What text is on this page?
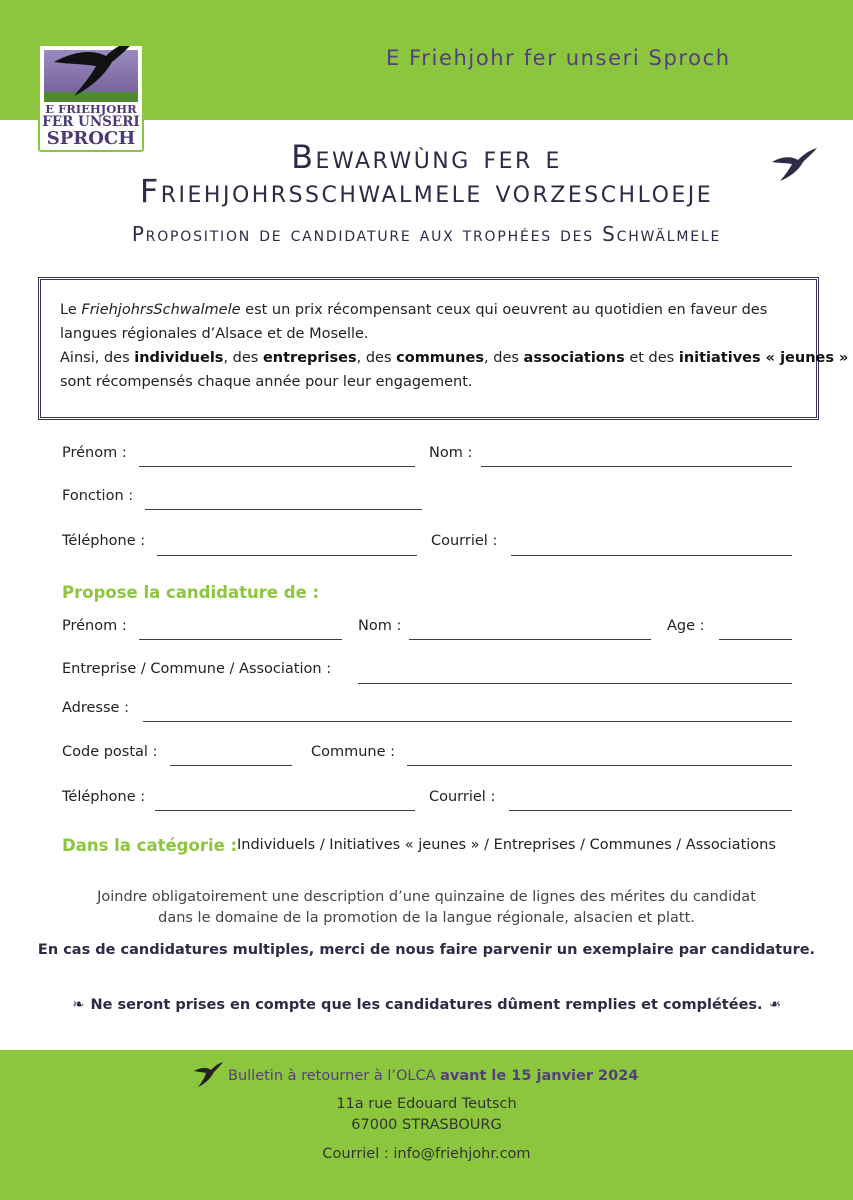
E Friehjohr fer unseri Sproch
E FRIEHJOHR
FER UNSERI
SPROCH	Bewarwùng fer e
Friehjohrsschwalmele vorzeschloeje
Proposition de candidature aux trophées des Schwälmele
Le FriehjohrsSchwalmele est un prix récompensant ceux qui oeuvrent au quotidien en faveur des
langues régionales d’Alsace et de Moselle.
Ainsi, des individuels, des entreprises, des communes, des associations et des initiatives « jeunes »
sont récompensés chaque année pour leur engagement.
Prénom :	Nom :
Fonction :
Téléphone :	Courriel :
Propose la candidature de :
Prénom :	Nom :	Age :
Entreprise / Commune / Association :
Adresse :
Code postal :	Commune :
Téléphone :	Courriel :
Dans la catégorie : Individuels / Initiatives « jeunes » / Entreprises / Communes / Associations
Joindre obligatoirement une description d’une quinzaine de lignes des mérites du candidat
dans le domaine de la promotion de la langue régionale, alsacien et platt.
En cas de candidatures multiples, merci de nous faire parvenir un exemplaire par candidature.
❧ Ne seront prises en compte que les candidatures dûment remplies et complétées. ❧
Bulletin à retourner à l’OLCA avant le 15 janvier 2024
11a rue Edouard Teutsch
67000 STRASBOURG
Courriel : info@friehjohr.com
